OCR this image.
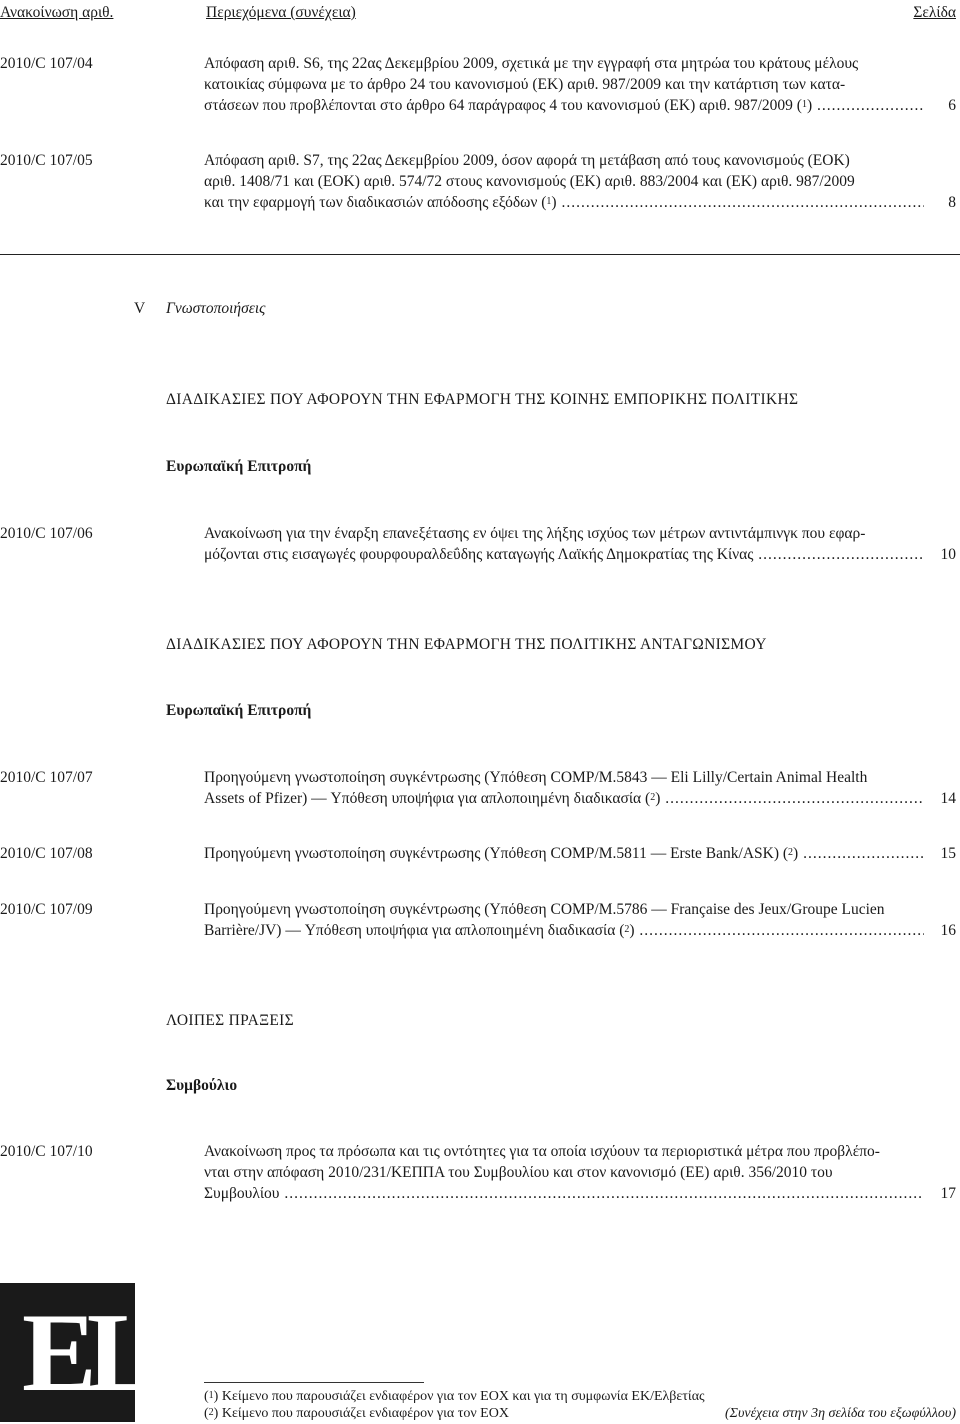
Ανακοίνωση αριθ.	Περιεχόμενα (συνέχεια)	Σελίδα
2010/C 107/04	Απόφαση αριθ. S6, της 22ας Δεκεμβρίου 2009, σχετικά με την εγγραφή στα μητρώα του κράτους μέλους

κατοικίας σύμφωνα με το άρθρο 24 του κανονισμού (ΕΚ) αριθ. 987/2009 και την κατάρτιση των κατα-

στάσεων που προβλέπονται στο άρθρο 64 παράγραφος 4 του κανονισμού (ΕΚ) αριθ. 987/2009 ($^1$) .....	6
2010/C 107/05	Απόφαση αριθ. S7, της 22ας Δεκεμβρίου 2009, όσον αφορά τη μετάβαση από τους κανονισμούς (ΕΟΚ)

αριθ. 1408/71 και (ΕΟΚ) αριθ. 574/72 στους κανονισμούς (ΕΚ) αριθ. 883/2004 και (ΕΚ) αριθ. 987/2009

και την εφαρμογή των διαδικασιών απόδοσης εξόδων ($^1$) .....	8
V Γνωστοποιήσεις
ΔΙΑΔΙΚΑΣΙΕΣ ΠΟΥ ΑΦΟΡΟΥΝ ΤΗΝ ΕΦΑΡΜΟΓΗ ΤΗΣ ΚΟΙΝΗΣ ΕΜΠΟΡΙΚΗΣ ΠΟΛΙΤΙΚΗΣ
Ευρωπαϊκή Επιτροπή
2010/C 107/06	Ανακοίνωση για την έναρξη επανεξέτασης εν όψει της λήξης ισχύος των μέτρων αντιντάμπινγκ που εφαρ-

μόζονται στις εισαγωγές φουρφουραλδεΰδης καταγωγής Λαϊκής Δημοκρατίας της Κίνας .....	10
ΔΙΑΔΙΚΑΣΙΕΣ ΠΟΥ ΑΦΟΡΟΥΝ ΤΗΝ ΕΦΑΡΜΟΓΗ ΤΗΣ ΠΟΛΙΤΙΚΗΣ ΑΝΤΑΓΩΝΙΣΜΟΥ
Ευρωπαϊκή Επιτροπή
2010/C 107/07	Προηγούμενη γνωστοποίηση συγκέντρωσης (Υπόθεση COMP/M.5843 — Eli Lilly/Certain Animal Health

Assets of Pfizer) — Υπόθεση υποψήφια για απλοποιημένη διαδικασία ($^2$) .....	14
2010/C 107/08	Προηγούμενη γνωστοποίηση συγκέντρωσης (Υπόθεση COMP/M.5811 — Erste Bank/ASK) ($^2$) .....	15
2010/C 107/09	Προηγούμενη γνωστοποίηση συγκέντρωσης (Υπόθεση COMP/M.5786 — Française des Jeux/Groupe Lucien

Barrière/JV) — Υπόθεση υποψήφια για απλοποιημένη διαδικασία ($^2$) .....	16
ΛΟΙΠΕΣ ΠΡΑΞΕΙΣ
Συμβούλιο
2010/C 107/10	Ανακοίνωση προς τα πρόσωπα και τις οντότητες για τα οποία ισχύουν τα περιοριστικά μέτρα που προβλέπο-

νται στην απόφαση 2010/231/ΚΕΠΠΑ του Συμβουλίου και στον κανονισμό (ΕΕ) αριθ. 356/2010 του

Συμβουλίου .....	17
EL	($^1$) Κείμενο που παρουσιάζει ενδιαφέρον για τον ΕΟΧ και για τη συμφωνία ΕΚ/Ελβετίας
($^2$) Κείμενο που παρουσιάζει ενδιαφέρον για τον ΕΟΧ	(Συνέχεια στην 3η σελίδα του εξωφύλλου)
